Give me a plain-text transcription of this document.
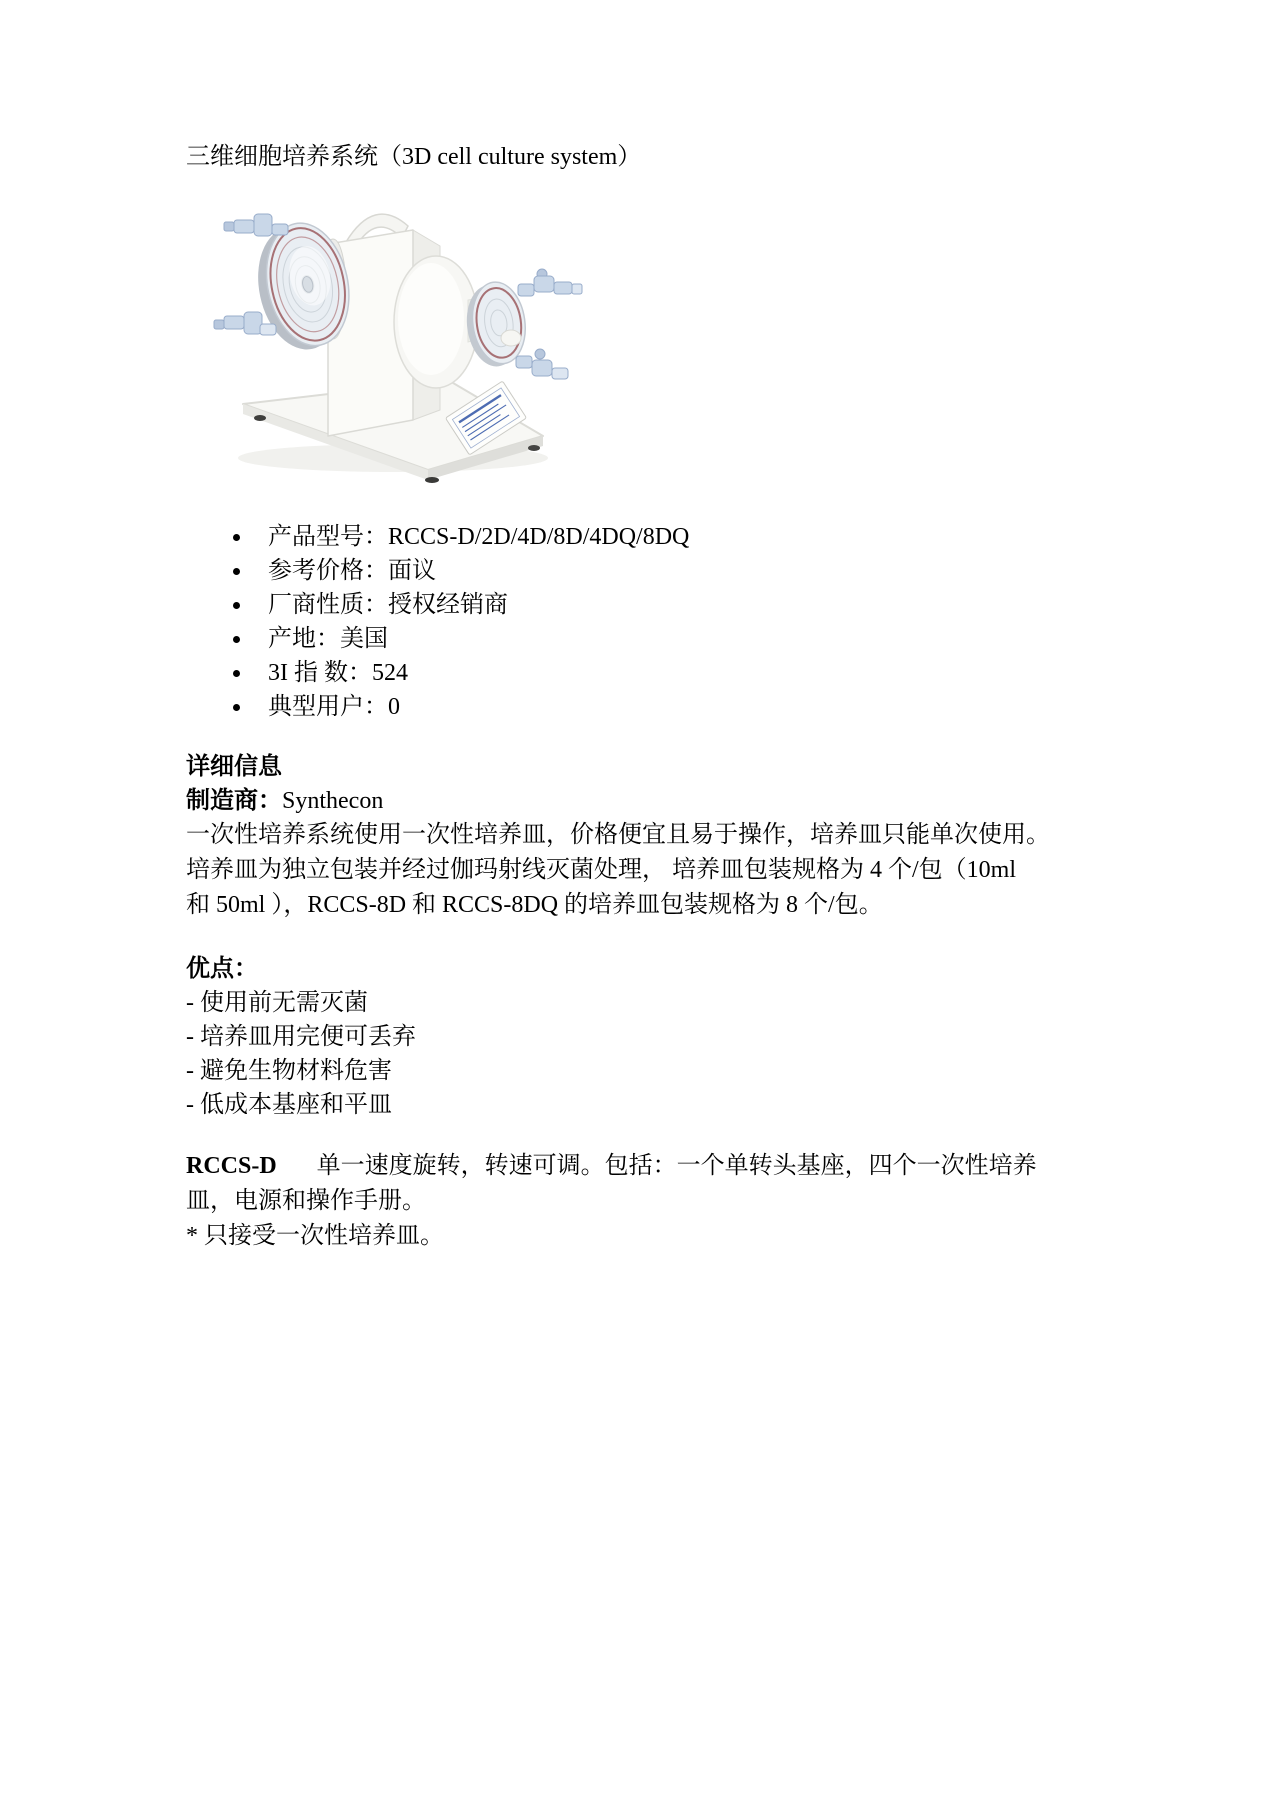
三维细胞培养系统（3D cell culture system）
产品型号：RCCS-D/2D/4D/8D/4DQ/8DQ
参考价格：面议
厂商性质：授权经销商
产地：美国
3I 指 数：524
典型用户：0
详细信息
制造商：Synthecon
一次性培养系统使用一次性培养皿，价格便宜且易于操作，培养皿只能单次使用。
培养皿为独立包装并经过伽玛射线灭菌处理， 培养皿包装规格为 4 个/包（10ml
和 50ml ），RCCS-8D 和 RCCS-8DQ 的培养皿包装规格为 8 个/包。
优点：
- 使用前无需灭菌
- 培养皿用完便可丢弃
- 避免生物材料危害
- 低成本基座和平皿
RCCS-D 单一速度旋转，转速可调。包括：一个单转头基座，四个一次性培养
皿，电源和操作手册。
* 只接受一次性培养皿。
